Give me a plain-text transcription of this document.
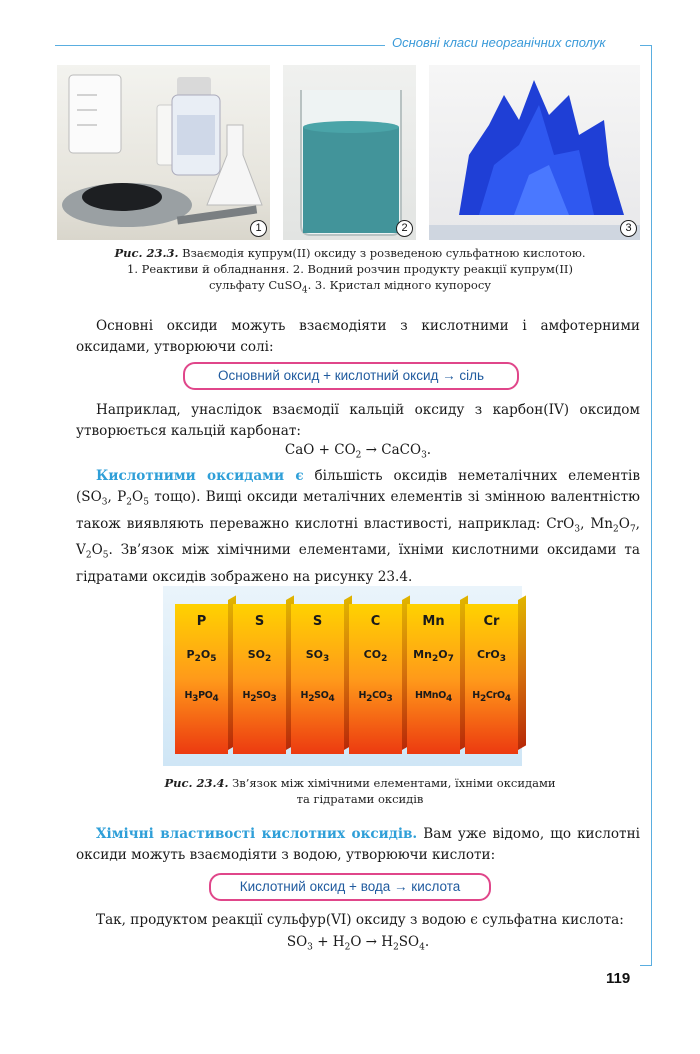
Основні класи неорганічних сполук
1	2	3
Рис. 23.3. Взаємодія купрум(II) оксиду з розведеною сульфатною кислотою.
1. Реактиви й обладнання. 2. Водний розчин продукту реакції купрум(II)
сульфату CuSO$_4$. 3. Кристал мідного купоросу
Основні оксиди можуть взаємодіяти з кислотними і амфотерними оксидами, утворюючи солі:
Основний оксид + кислотний оксид → сіль
Наприклад, унаслідок взаємодії кальцій оксиду з карбон(IV) оксидом утворюється кальцій карбонат:
CaO + $CO_2$ → CaCO$_3$.
Кислотними оксидами є більшість оксидів неметалічних елементів ($SO_3$, $P_2O_5$ тощо). Вищі оксиди металічних елементів зі змінною валентністю також виявляють переважно кислотні властивості, наприклад: CrO$_3$, $Mn_2O_7$, $V_2O_5$. Зв’язок між хімічними елементами, їхніми кислотними оксидами та гідратами оксидів зображено на рисунку 23.4.
P
$P_2O_5$
$H_3PO_4$
S
$SO_2$
$H_2SO_3$
S
$SO_3$
$H_2SO_4$
C
$CO_2$
$H_2CO_3$
Mn
$Mn_2O_7$
HMnO$_4$
Cr
CrO$_3$
$H_2CrO_4$
Рис. 23.4. Зв’язок між хімічними елементами, їхніми оксидами
та гідратами оксидів
Хімічні властивості кислотних оксидів. Вам уже відомо, що кислотні оксиди можуть взаємодіяти з водою, утворюючи кислоти:
Кислотний оксид + вода → кислота
Так, продуктом реакції сульфур(VI) оксиду з водою є сульфатна кислота:
$SO_3 + H_2O \to H_2SO_4$.
119
